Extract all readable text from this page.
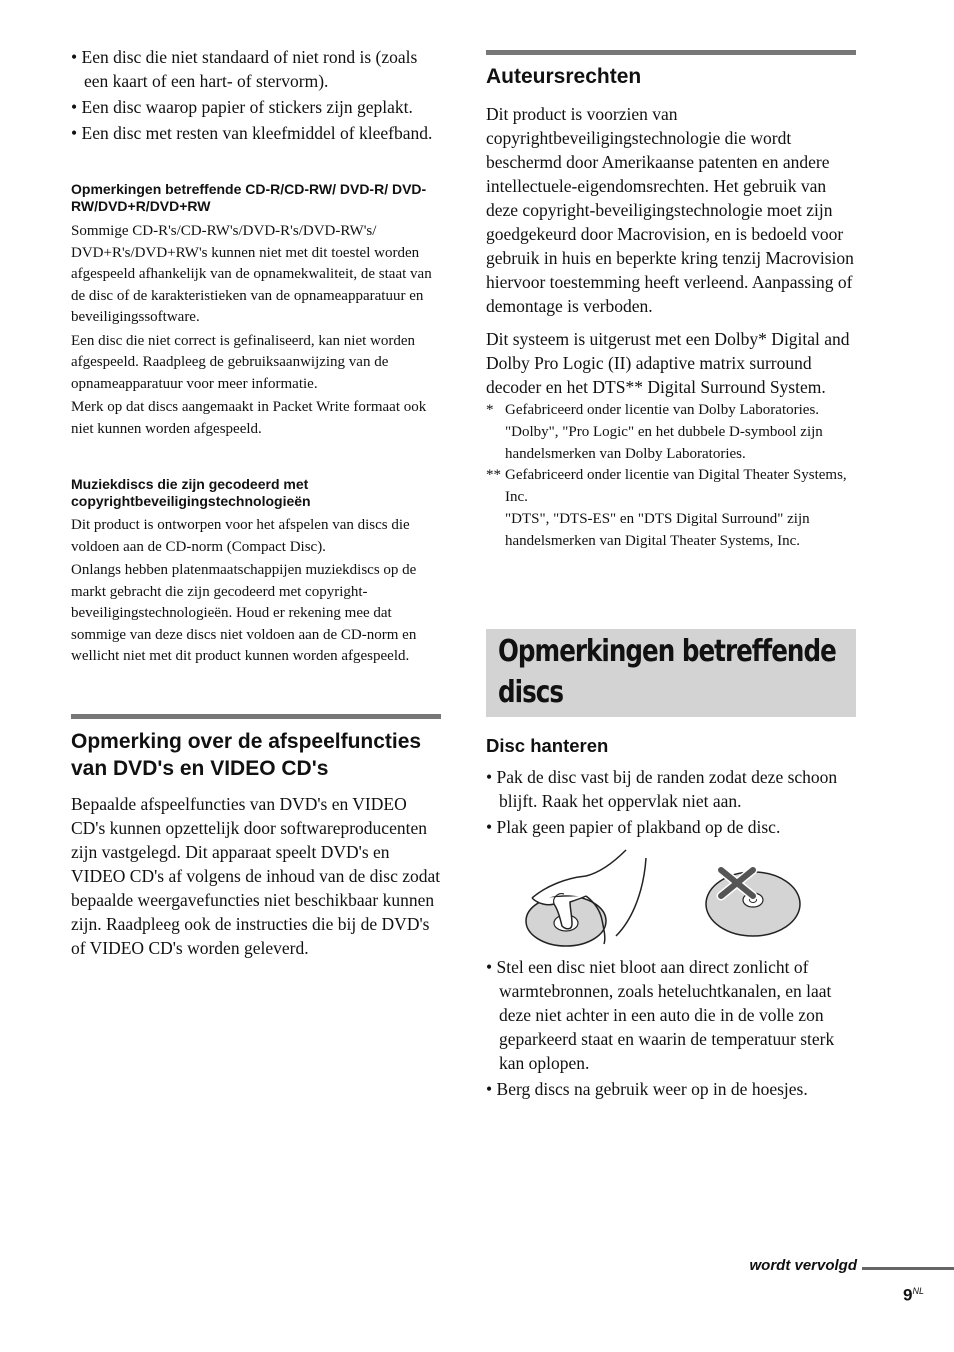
• Een disc die niet standaard of niet rond is (zoals een kaart of een hart- of stervorm).

• Een disc waarop papier of stickers zijn geplakt.

• Een disc met resten van kleefmiddel of kleefband.

Opmerkingen betreffende CD-R/CD-RW/ DVD-R/ DVD-RW/DVD+R/DVD+RW

Sommige CD-R's/CD-RW's/DVD-R's/DVD-RW's/ DVD+R's/DVD+RW's kunnen niet met dit toestel worden afgespeeld afhankelijk van de opnamekwaliteit, de staat van de disc of de karakteristieken van de opnameapparatuur en beveiligingssoftware.

Een disc die niet correct is gefinaliseerd, kan niet worden afgespeeld. Raadpleeg de gebruiksaanwijzing van de opnameapparatuur voor meer informatie.

Merk op dat discs aangemaakt in Packet Write formaat ook niet kunnen worden afgespeeld.

Muziekdiscs die zijn gecodeerd met copyrightbeveiligingstechnologieën

Dit product is ontworpen voor het afspelen van discs die voldoen aan de CD-norm (Compact Disc).

Onlangs hebben platenmaatschappijen muziekdiscs op de markt gebracht die zijn gecodeerd met copyright-beveiligingstechnologieën. Houd er rekening mee dat sommige van deze discs niet voldoen aan de CD-norm en wellicht niet met dit product kunnen worden afgespeeld.

Opmerking over de afspeelfuncties van DVD's en VIDEO CD's

Bepaalde afspeelfuncties van DVD's en VIDEO CD's kunnen opzettelijk door softwareproducenten zijn vastgelegd. Dit apparaat speelt DVD's en VIDEO CD's af volgens de inhoud van de disc zodat bepaalde weergavefuncties niet beschikbaar kunnen zijn. Raadpleeg ook de instructies die bij de DVD's of VIDEO CD's worden geleverd.

Auteursrechten

Dit product is voorzien van copyrightbeveiligingstechnologie die wordt beschermd door Amerikaanse patenten en andere intellectuele-eigendomsrechten. Het gebruik van deze copyright-beveiligingstechnologie moet zijn goedgekeurd door Macrovision, en is bedoeld voor gebruik in huis en beperkte kring tenzij Macrovision hiervoor toestemming heeft verleend. Aanpassing of demontage is verboden.

Dit systeem is uitgerust met een Dolby* Digital and Dolby Pro Logic (II) adaptive matrix surround decoder en het DTS** Digital Surround System.

* Gefabriceerd onder licentie van Dolby Laboratories.
"Dolby", "Pro Logic" en het dubbele D-symbool zijn handelsmerken van Dolby Laboratories.
** Gefabriceerd onder licentie van Digital Theater Systems, Inc.
"DTS", "DTS-ES" en "DTS Digital Surround" zijn handelsmerken van Digital Theater Systems, Inc.

Opmerkingen betreffende discs

Disc hanteren

• Pak de disc vast bij de randen zodat deze schoon blijft. Raak het oppervlak niet aan.

• Plak geen papier of plakband op de disc.

• Stel een disc niet bloot aan direct zonlicht of warmtebronnen, zoals heteluchtkanalen, en laat deze niet achter in een auto die in de volle zon geparkeerd staat en waarin de temperatuur sterk kan oplopen.

• Berg discs na gebruik weer op in de hoesjes.

wordt vervolgd
$9^{NL}$
